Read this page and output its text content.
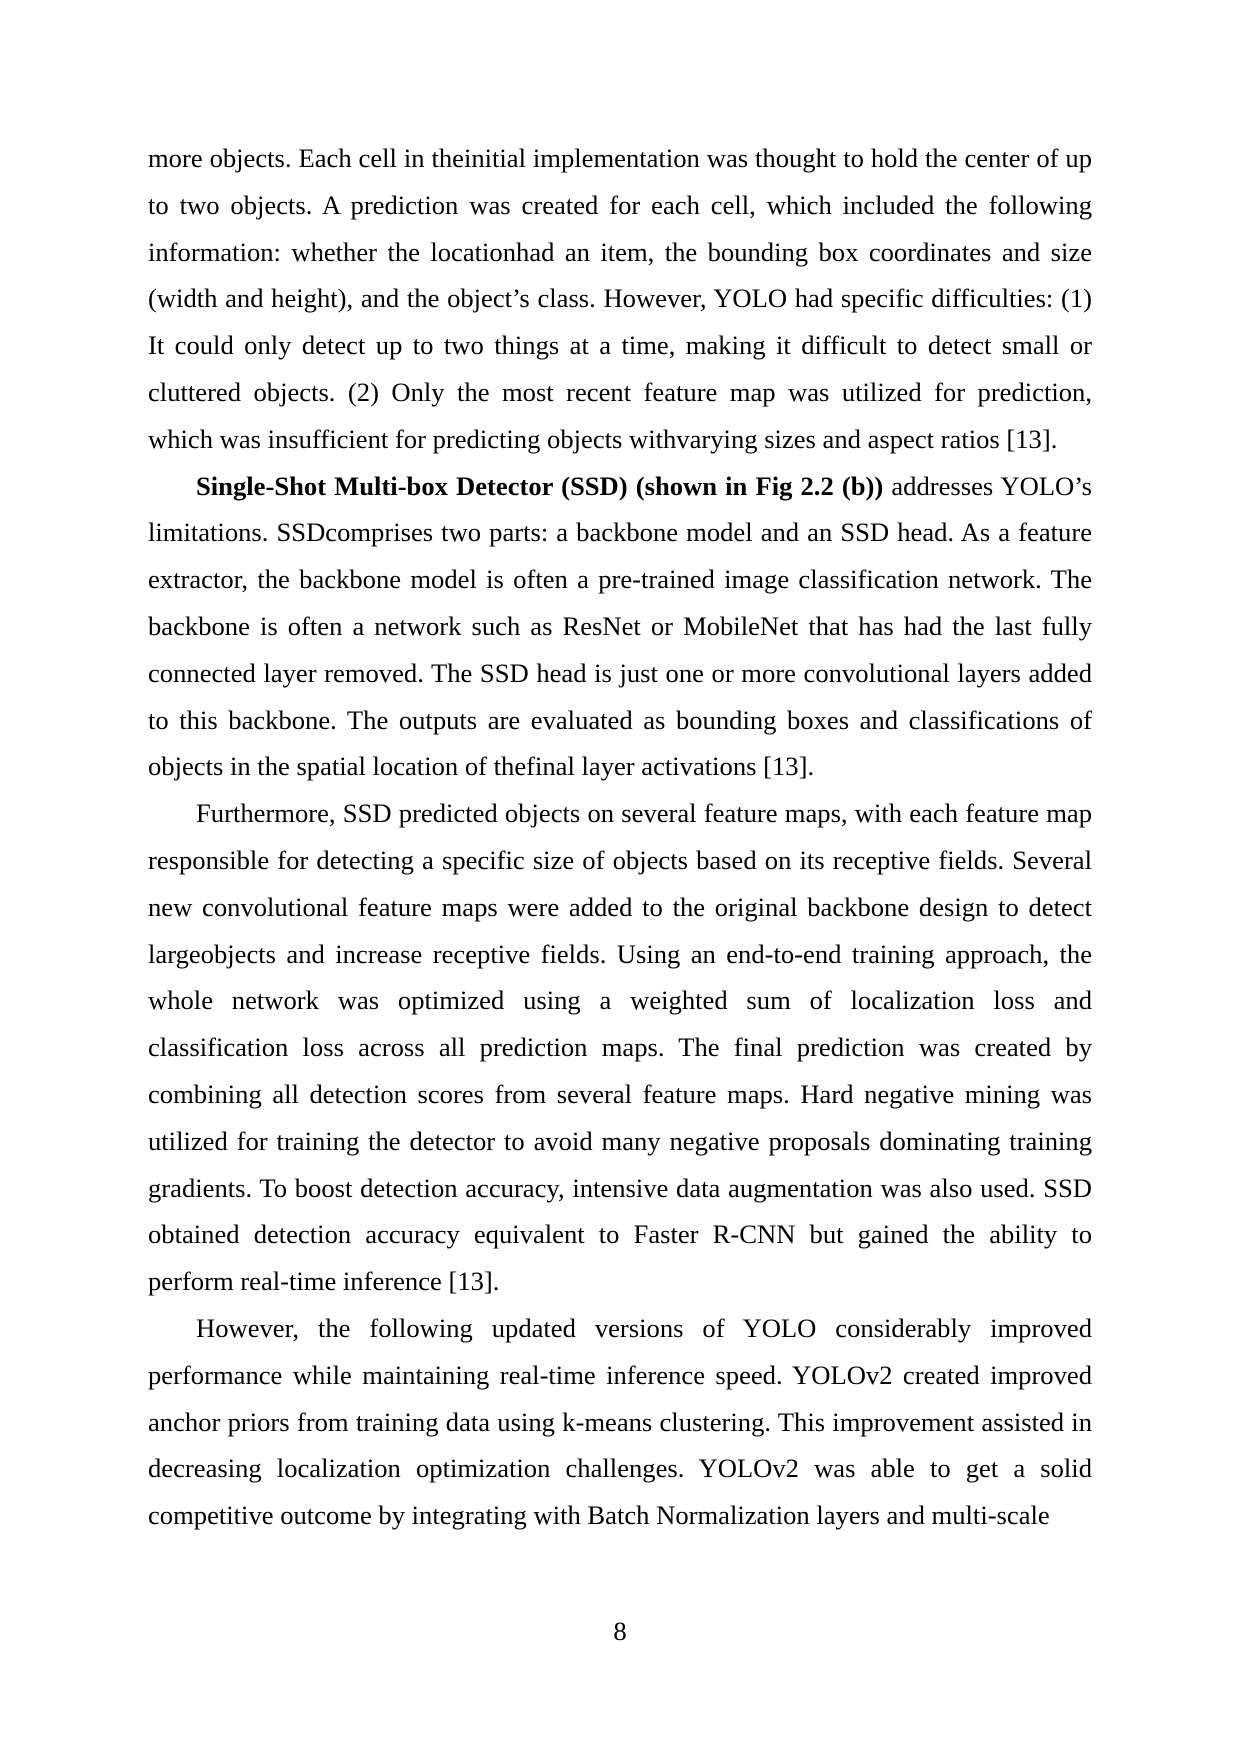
more objects. Each cell in theinitial implementation was thought to hold the center of up to two objects. A prediction was created for each cell, which included the following information: whether the locationhad an item, the bounding box coordinates and size (width and height), and the object’s class. However, YOLO had specific difficulties: (1) It could only detect up to two things at a time, making it difficult to detect small or cluttered objects. (2) Only the most recent feature map was utilized for prediction, which was insufficient for predicting objects withvarying sizes and aspect ratios [13].

Single-Shot Multi-box Detector (SSD) (shown in Fig 2.2 (b)) addresses YOLO’s limitations. SSDcomprises two parts: a backbone model and an SSD head. As a feature extractor, the backbone model is often a pre-trained image classification network. The backbone is often a network such as ResNet or MobileNet that has had the last fully connected layer removed. The SSD head is just one or more convolutional layers added to this backbone. The outputs are evaluated as bounding boxes and classifications of objects in the spatial location of thefinal layer activations [13].

Furthermore, SSD predicted objects on several feature maps, with each feature map responsible for detecting a specific size of objects based on its receptive fields. Several new convolutional feature maps were added to the original backbone design to detect largeobjects and increase receptive fields. Using an end-to-end training approach, the whole network was optimized using a weighted sum of localization loss and classification loss across all prediction maps. The final prediction was created by combining all detection scores from several feature maps. Hard negative mining was utilized for training the detector to avoid many negative proposals dominating training gradients. To boost detection accuracy, intensive data augmentation was also used. SSD obtained detection accuracy equivalent to Faster R-CNN but gained the ability to perform real-time inference [13].

However, the following updated versions of YOLO considerably improved performance while maintaining real-time inference speed. YOLOv2 created improved anchor priors from training data using k-means clustering. This improvement assisted in decreasing localization optimization challenges. YOLOv2 was able to get a solid competitive outcome by integrating with Batch Normalization layers and multi-scale

8
